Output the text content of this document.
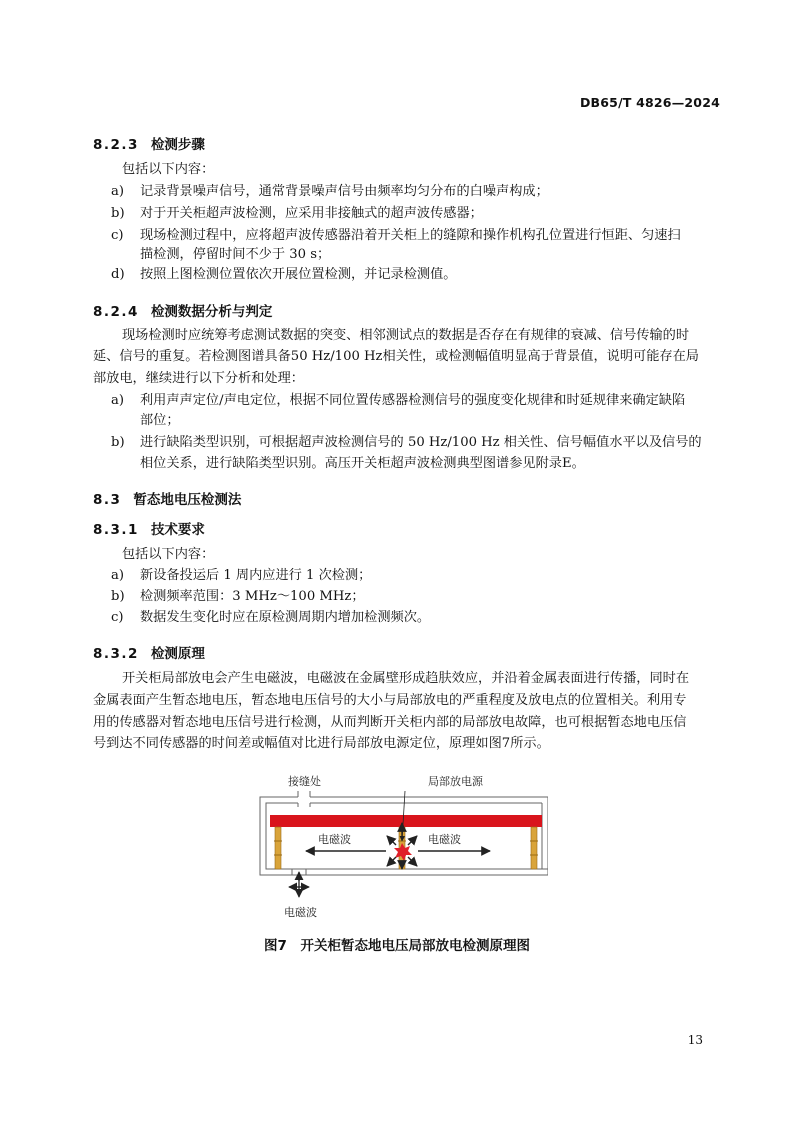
DB65/T 4826—2024
8.2.3 检测步骤
包括以下内容：
a) 记录背景噪声信号，通常背景噪声信号由频率均匀分布的白噪声构成；
b) 对于开关柜超声波检测，应采用非接触式的超声波传感器；
c) 现场检测过程中，应将超声波传感器沿着开关柜上的缝隙和操作机构孔位置进行恒距、匀速扫
描检测，停留时间不少于 30 s；
d) 按照上图检测位置依次开展位置检测，并记录检测值。
8.2.4 检测数据分析与判定
现场检测时应统筹考虑测试数据的突变、相邻测试点的数据是否存在有规律的衰减、信号传输的时
延、信号的重复。若检测图谱具备50 Hz/100 Hz相关性，或检测幅值明显高于背景值，说明可能存在局
部放电，继续进行以下分析和处理：
a) 利用声声定位/声电定位，根据不同位置传感器检测信号的强度变化规律和时延规律来确定缺陷
部位；
b) 进行缺陷类型识别，可根据超声波检测信号的 50 Hz/100 Hz 相关性、信号幅值水平以及信号的
相位关系，进行缺陷类型识别。高压开关柜超声波检测典型图谱参见附录E。
8.3 暂态地电压检测法
8.3.1 技术要求
包括以下内容：
a) 新设备投运后 1 周内应进行 1 次检测；
b) 检测频率范围：3 MHz～100 MHz；
c) 数据发生变化时应在原检测周期内增加检测频次。
8.3.2 检测原理
开关柜局部放电会产生电磁波，电磁波在金属壁形成趋肤效应，并沿着金属表面进行传播，同时在
金属表面产生暂态地电压，暂态地电压信号的大小与局部放电的严重程度及放电点的位置相关。利用专
用的传感器对暂态地电压信号进行检测，从而判断开关柜内部的局部放电故障，也可根据暂态地电压信
号到达不同传感器的时间差或幅值对比进行局部放电源定位，原理如图7所示。
接缝处	局部放电源
电磁波	电磁波
电磁波
图7　开关柜暂态地电压局部放电检测原理图
13
